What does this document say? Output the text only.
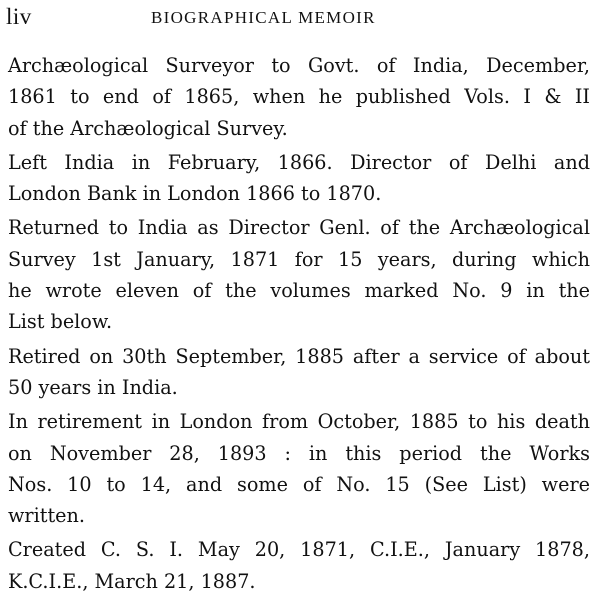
liv	BIOGRAPHICAL MEMOIR

Archæological Surveyor to Govt. of India, December,
1861 to end of 1865, when he published Vols. I & II
of the Archæological Survey.

Left India in February, 1866. Director of Delhi and
London Bank in London 1866 to 1870.

Returned to India as Director Genl. of the Archæological
Survey 1st January, 1871 for 15 years, during which
he wrote eleven of the volumes marked No. 9 in the
List below.

Retired on 30th September, 1885 after a service of about
50 years in India.

In retirement in London from October, 1885 to his death
on November 28, 1893 : in this period the Works
Nos. 10 to 14, and some of No. 15 (See List) were
written.

Created C. S. I. May 20, 1871, C.I.E., January 1878,
K.C.I.E., March 21, 1887.
